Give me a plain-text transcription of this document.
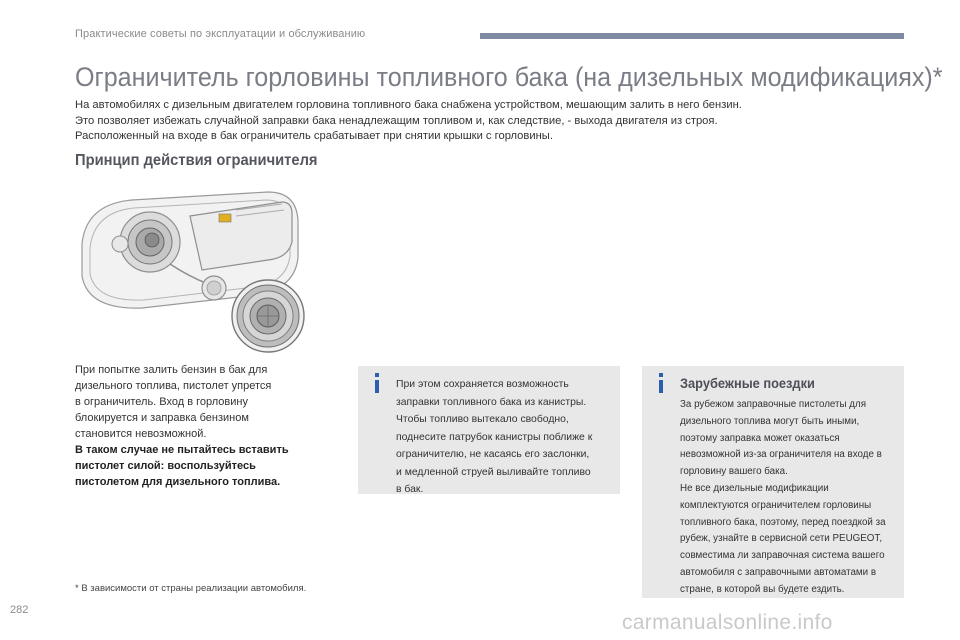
Практические советы по эксплуатации и обслуживанию
Ограничитель горловины топливного бака (на дизельных модификациях)*

На автомобилях с дизельным двигателем горловина топливного бака снабжена устройством, мешающим залить в него бензин.

Это позволяет избежать случайной заправки бака ненадлежащим топливом и, как следствие, - выхода двигателя из строя.

Расположенный на входе в бак ограничитель срабатывает при снятии крышки с горловины.

Принцип действия ограничителя

При попытке залить бензин в бак для

дизельного топлива, пистолет упрется

в ограничитель. Вход в горловину

блокируется и заправка бензином

становится невозможной.

В таком случае не пытайтесь вставить

пистолет силой: воспользуйтесь

пистолетом для дизельного топлива.

При этом сохраняется возможность

заправки топливного бака из канистры.

Чтобы топливо вытекало свободно,

поднесите патрубок канистры поближе к

ограничителю, не касаясь его заслонки,

и медленной струей выливайте топливо

в бак.

Зарубежные поездки

За рубежом заправочные пистолеты для

дизельного топлива могут быть иными,

поэтому заправка может оказаться

невозможной из-за ограничителя на входе в

горловину вашего бака.

Не все дизельные модификации

комплектуются ограничителем горловины

топливного бака, поэтому, перед поездкой за

рубеж, узнайте в сервисной сети PEUGEOT,

совместима ли заправочная система вашего

автомобиля с заправочными автоматами в

стране, в которой вы будете ездить.

* В зависимости от страны реализации автомобиля.
282
carmanualsonline.info
